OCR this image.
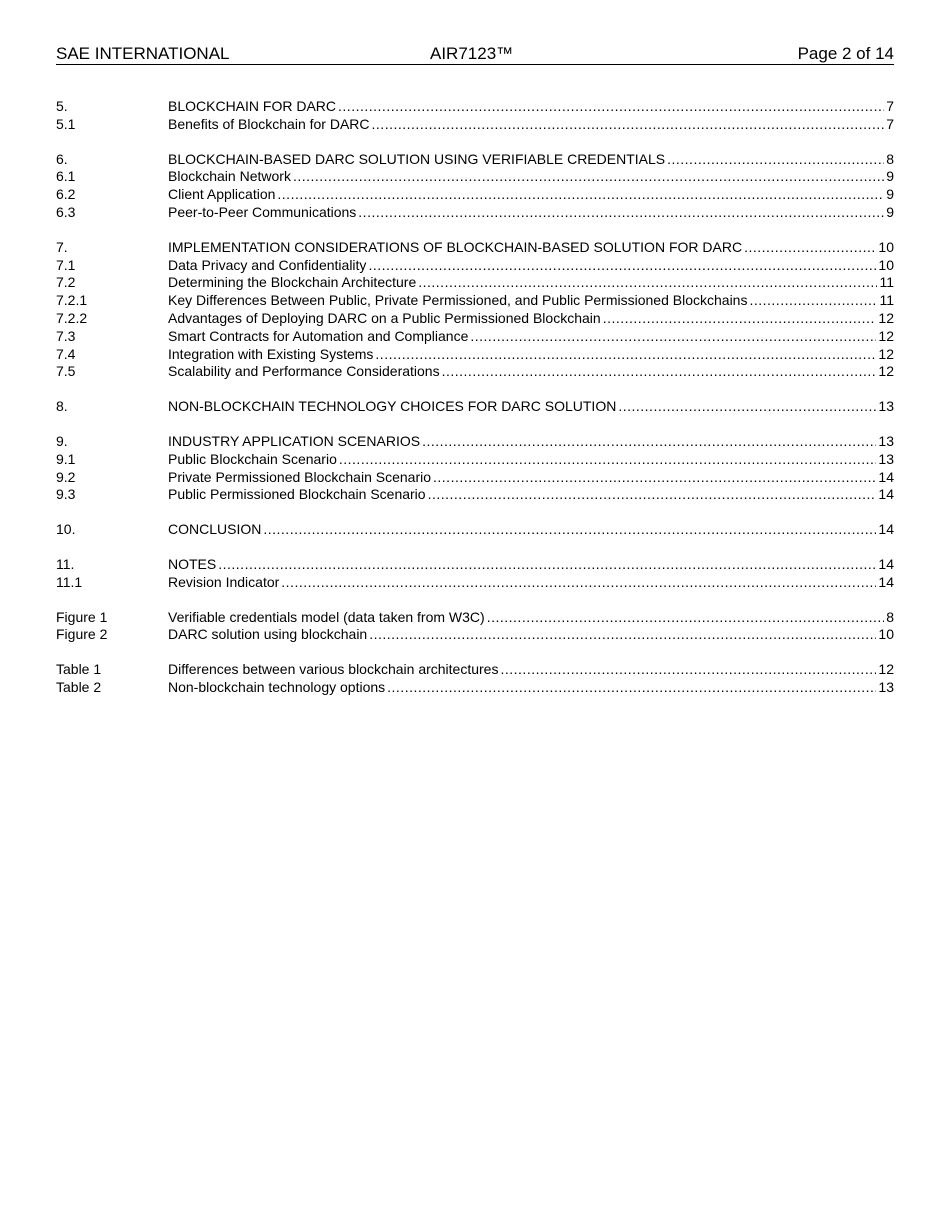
SAE INTERNATIONAL	AIR7123™	Page 2 of 14
5.	BLOCKCHAIN FOR DARC .....	7
5.1	Benefits of Blockchain for DARC .....	7
6.	BLOCKCHAIN-BASED DARC SOLUTION USING VERIFIABLE CREDENTIALS .....	8
6.1	Blockchain Network .....	9
6.2	Client Application .....	9
6.3	Peer-to-Peer Communications .....	9
7.	IMPLEMENTATION CONSIDERATIONS OF BLOCKCHAIN-BASED SOLUTION FOR DARC .....	10
7.1	Data Privacy and Confidentiality .....	10
7.2	Determining the Blockchain Architecture .....	11
7.2.1	Key Differences Between Public, Private Permissioned, and Public Permissioned Blockchains .....	11
7.2.2	Advantages of Deploying DARC on a Public Permissioned Blockchain .....	12
7.3	Smart Contracts for Automation and Compliance .....	12
7.4	Integration with Existing Systems .....	12
7.5	Scalability and Performance Considerations .....	12
8.	NON-BLOCKCHAIN TECHNOLOGY CHOICES FOR DARC SOLUTION .....	13
9.	INDUSTRY APPLICATION SCENARIOS .....	13
9.1	Public Blockchain Scenario .....	13
9.2	Private Permissioned Blockchain Scenario .....	14
9.3	Public Permissioned Blockchain Scenario .....	14
10.	CONCLUSION .....	14
11.	NOTES .....	14
11.1	Revision Indicator .....	14
Figure 1	Verifiable credentials model (data taken from W3C) .....	8
Figure 2	DARC solution using blockchain .....	10
Table 1	Differences between various blockchain architectures .....	12
Table 2	Non-blockchain technology options .....	13
